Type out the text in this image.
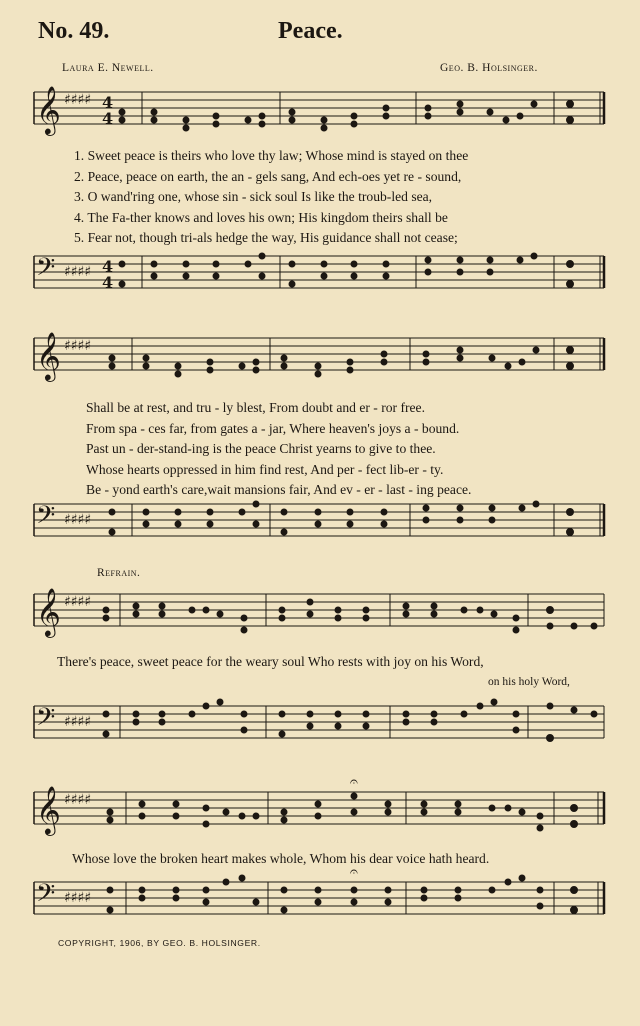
No. 49.	Peace.
Laura E. Newell.	Geo. B. Holsinger.
𝄞 ♯♯♯♯ 4
4
1. Sweet peace is theirs who love thy law; Whose mind is stayed on thee
2. Peace, peace on earth, the an - gels sang, And ech-oes yet re - sound,
3. O wand'ring one, whose sin - sick soul Is like the troub-led sea,
4. The Fa-ther knows and loves his own; His kingdom theirs shall be
5. Fear not, though tri-als hedge the way, His guidance shall not cease;
𝄢 ♯♯♯♯ 4
4
𝄞 ♯♯♯♯
Shall be at rest, and tru - ly blest, From doubt and er - ror free.
From spa - ces far, from gates a - jar, Where heaven's joys a - bound.
Past un - der-stand-ing is the peace Christ yearns to give to thee.
Whose hearts oppressed in him find rest, And per - fect lib-er - ty.
Be - yond earth's care,wait mansions fair, And ev - er - last - ing peace.
𝄢 ♯♯♯♯
Refrain.
𝄞 ♯♯♯♯
There's peace, sweet peace for the weary soul Who rests with joy on his Word,
on his holy Word,
𝄢 ♯♯♯♯
𝄞 ♯♯♯♯
𝄐
Whose love the broken heart makes whole, Whom his dear voice hath heard.
𝄢 ♯♯♯♯
𝄐
COPYRIGHT, 1906, BY GEO. B. HOLSINGER.
